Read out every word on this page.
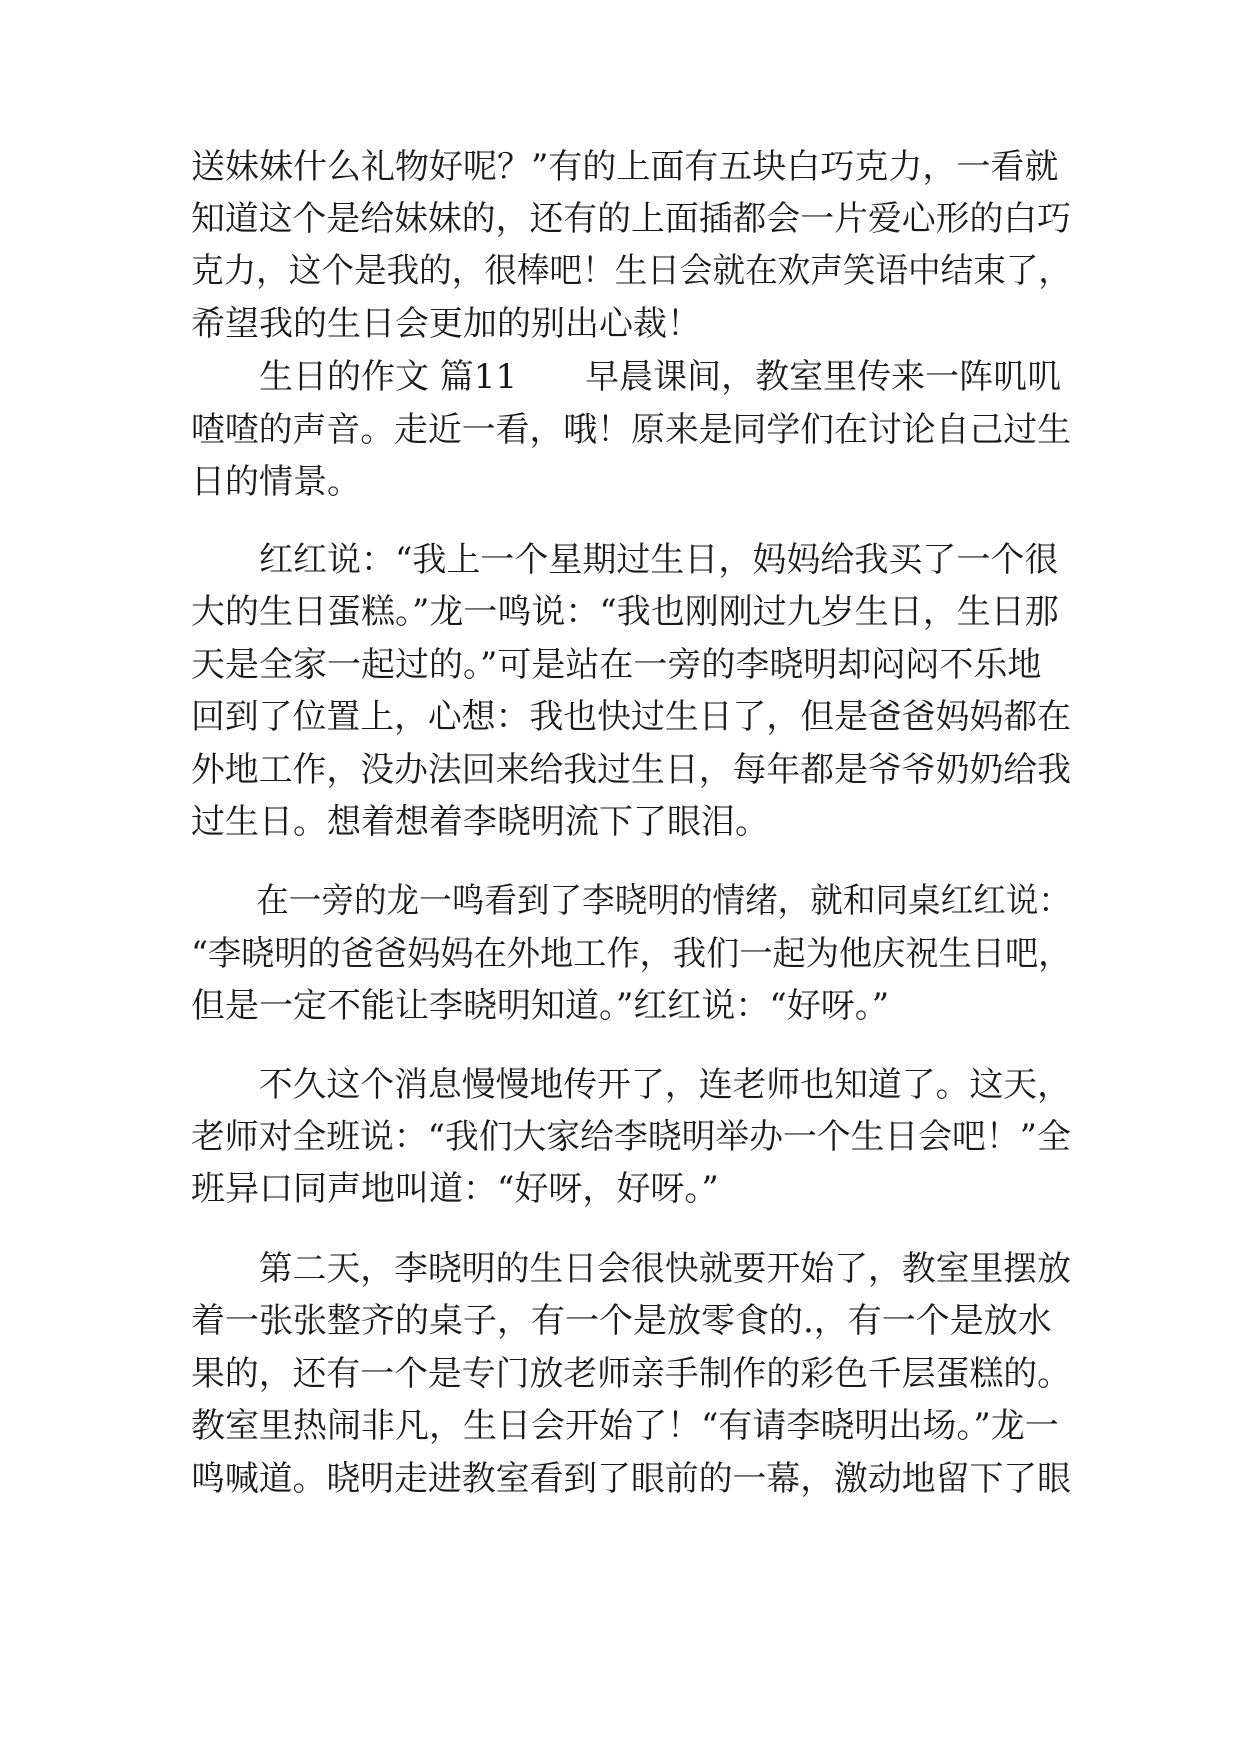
送妹妹什么礼物好呢？”有的上面有五块白巧克力，一看就
知道这个是给妹妹的，还有的上面插都会一片爱心形的白巧
克力，这个是我的，很棒吧！生日会就在欢声笑语中结束了，
希望我的生日会更加的别出心裁！
　　生日的作文 篇11　　早晨课间，教室里传来一阵叽叽
喳喳的声音。走近一看，哦！原来是同学们在讨论自己过生
日的情景。
　　红红说：“我上一个星期过生日，妈妈给我买了一个很
大的生日蛋糕。”龙一鸣说：“我也刚刚过九岁生日，生日那
天是全家一起过的。”可是站在一旁的李晓明却闷闷不乐地
回到了位置上，心想：我也快过生日了，但是爸爸妈妈都在
外地工作，没办法回来给我过生日，每年都是爷爷奶奶给我
过生日。想着想着李晓明流下了眼泪。
　　在一旁的龙一鸣看到了李晓明的情绪，就和同桌红红说：
“李晓明的爸爸妈妈在外地工作，我们一起为他庆祝生日吧，
但是一定不能让李晓明知道。”红红说：“好呀。”
　　不久这个消息慢慢地传开了，连老师也知道了。这天，
老师对全班说：“我们大家给李晓明举办一个生日会吧！”全
班异口同声地叫道：“好呀，好呀。”
　　第二天，李晓明的生日会很快就要开始了，教室里摆放
着一张张整齐的桌子，有一个是放零食的.，有一个是放水
果的，还有一个是专门放老师亲手制作的彩色千层蛋糕的。
教室里热闹非凡，生日会开始了！“有请李晓明出场。”龙一
鸣喊道。晓明走进教室看到了眼前的一幕，激动地留下了眼
